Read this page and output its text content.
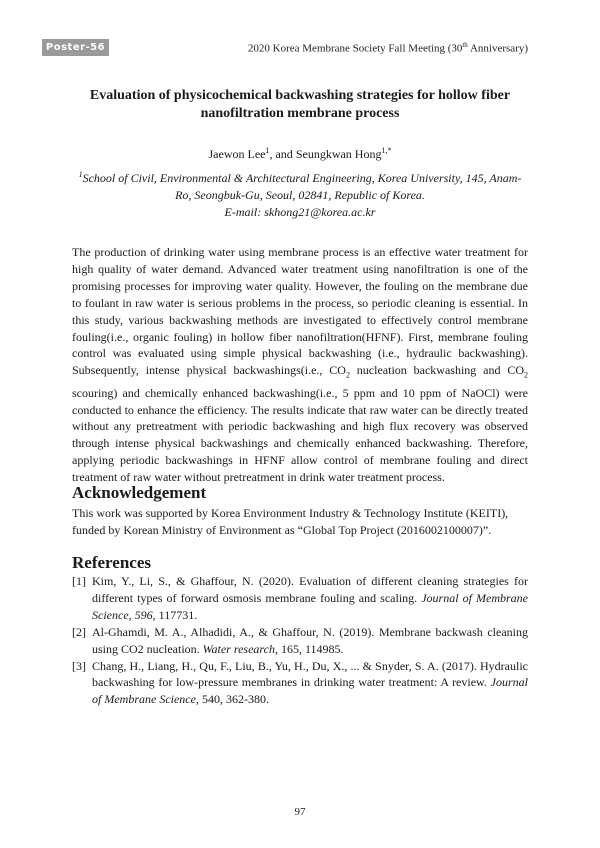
Poster-56	2020 Korea Membrane Society Fall Meeting (30th Anniversary)
Evaluation of physicochemical backwashing strategies for hollow fiber
nanofiltration membrane process
Jaewon Lee$^1$, and Seungkwan Hong$^{1,*}$
$^1$School of Civil, Environmental & Architectural Engineering, Korea University, 145, Anam-
Ro, Seongbuk-Gu, Seoul, 02841, Republic of Korea.
E-mail: skhong21@korea.ac.kr
The production of drinking water using membrane process is an effective water treatment for high quality of water demand. Advanced water treatment using nanofiltration is one of the promising processes for improving water quality. However, the fouling on the membrane due to foulant in raw water is serious problems in the process, so periodic cleaning is essential. In this study, various backwashing methods are investigated to effectively control membrane fouling(i.e., organic fouling) in hollow fiber nanofiltration(HFNF). First, membrane fouling control was evaluated using simple physical backwashing (i.e., hydraulic backwashing). Subsequently, intense physical backwashings(i.e., $CO_2$ nucleation backwashing and $CO_2$ scouring) and chemically enhanced backwashing(i.e., 5 ppm and 10 ppm of NaOCl) were conducted to enhance the efficiency. The results indicate that raw water can be directly treated without any pretreatment with periodic backwashing and high flux recovery was observed through intense physical backwashings and chemically enhanced backwashing. Therefore, applying periodic backwashings in HFNF allow control of membrane fouling and direct treatment of raw water without pretreatment in drink water treatment process.
Acknowledgement
This work was supported by Korea Environment Industry & Technology Institute (KEITI),
funded by Korean Ministry of Environment as “Global Top Project (2016002100007)”.
References
[1] Kim, Y., Li, S., & Ghaffour, N. (2020). Evaluation of different cleaning strategies for different types of forward osmosis membrane fouling and scaling. Journal of Membrane Science, 596, 117731.
[2] Al-Ghamdi, M. A., Alhadidi, A., & Ghaffour, N. (2019). Membrane backwash cleaning using CO2 nucleation. Water research, 165, 114985.
[3] Chang, H., Liang, H., Qu, F., Liu, B., Yu, H., Du, X., ... & Snyder, S. A. (2017). Hydraulic backwashing for low-pressure membranes in drinking water treatment: A review. Journal of Membrane Science, 540, 362-380.
97
